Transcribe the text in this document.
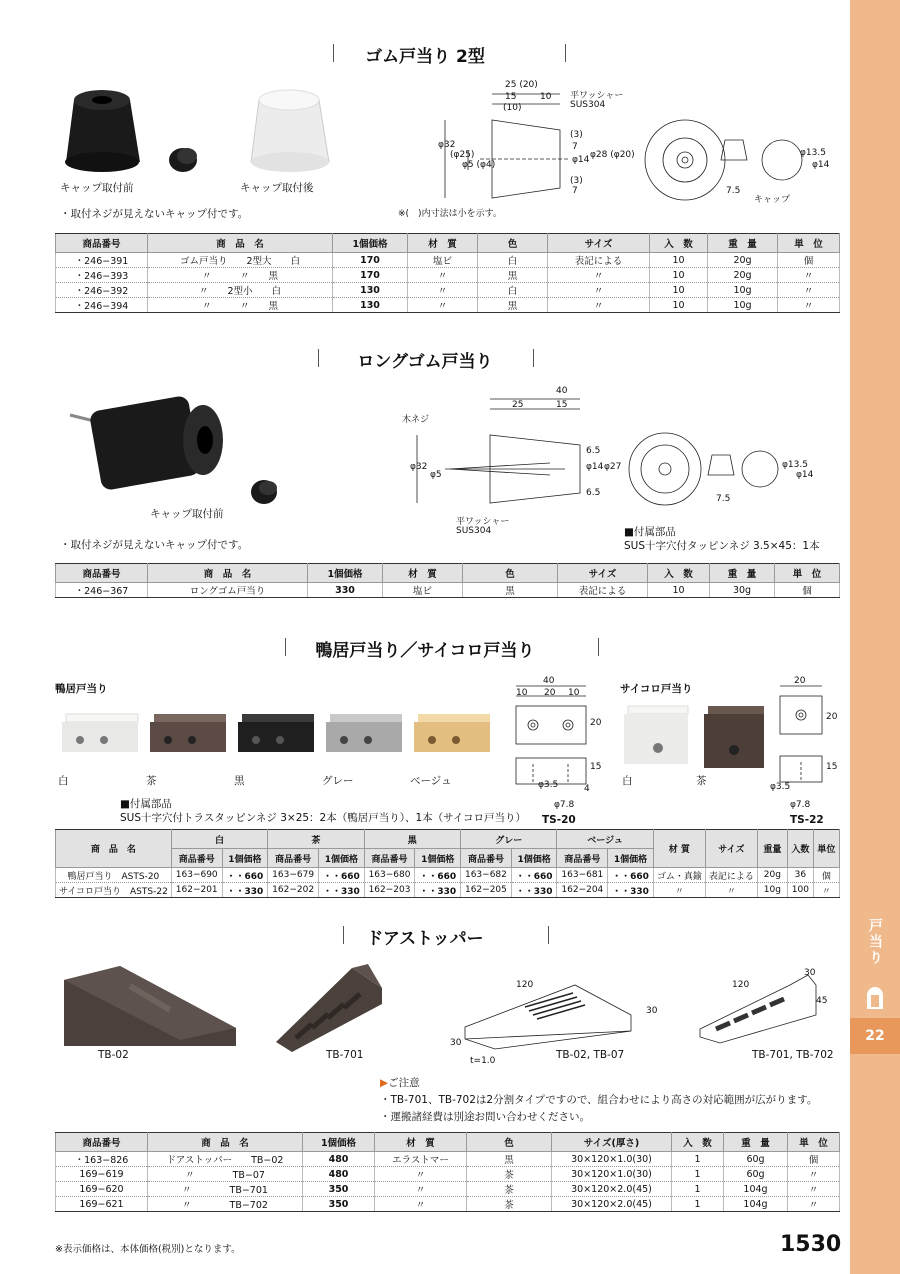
戸当り
22
ゴム戸当り 2型
キャップ取付前	キャップ取付後
・取付ネジが見えないキャップ付です。
25 (20)
15
(10)
10 平ワッシャー
SUS304
φ32
(φ25)
φ5 (φ4)
(3)
7
φ14
(3)
7
φ28 (φ20)
7.5
キャップ
φ13.5
φ14
※(　)内寸法は小を示す。
商品番号	商　品　名	1個価格	材　質	色	サイズ	入　数	重　量	単　位
・246−391	ゴム戸当り　　2型大　　白	170	塩ビ	白	表記による	10	20g	個
・246−393	〃　　　〃　　黒	170	〃	黒	〃	10	20g	〃
・246−392	〃　　2型小　　白	130	〃	白	〃	10	10g	〃
・246−394	〃　　　〃　　黒	130	〃	黒	〃	10	10g	〃
ロングゴム戸当り
キャップ取付前
・取付ネジが見えないキャップ付です。
40
25	15
木ネジ
φ32
φ5
6.5
φ14
6.5
φ27
7.5
φ13.5
φ14
平ワッシャー
SUS304	■付属部品
SUS十字穴付タッピンネジ 3.5×45：1本
商品番号	商　品　名	1個価格	材　質	色	サイズ	入　数	重　量	単　位
・246−367	ロングゴム戸当り	330	塩ビ	黒	表記による	10	30g	個
鴨居戸当り／サイコロ戸当り
鴨居戸当り	サイコロ戸当り
白	茶	黒	グレー	ベージュ
40
10 20 10
20
15
φ3.5	4
φ7.8
TS-20
白	茶
20
20
15
φ3.5
φ7.8
TS-22
■付属部品
SUS十字穴付トラスタッピンネジ 3×25：2本（鴨居戸当り）、1本（サイコロ戸当り）
商　品　名	白		茶		黒		グレー		ベージュ		材 質	サイズ	重量	入数	単位
	商品番号	1個価格	商品番号	1個価格	商品番号	1個価格	商品番号	1個価格	商品番号	1個価格					
鴨居戸当り　ASTS-20	163−690	・・660	163−679	・・660	163−680	・・660	163−682	・・660	163−681	・・660	ゴム・真鍮	表記による	20g	36	個
サイコロ戸当り　ASTS-22	162−201	・・330	162−202	・・330	162−203	・・330	162−205	・・330	162−204	・・330	〃	〃	10g	100	〃
ドアストッパー
TB-02	TB-701
120
30
30
t=1.0	TB-02, TB-07
120
30
45
TB-701, TB-702
▶ご注意
・TB-701、TB-702は2分割タイプですので、組合わせにより高さの対応範囲が広がります。
・運搬諸経費は別途お問い合わせください。
商品番号	商　品　名	1個価格	材　質	色	サイズ(厚さ)	入　数	重　量	単　位
・163−826	ドアストッパー　　TB−02	480	エラストマー	黒	30×120×1.0(30)	1	60g	個
169−619	〃　　　　TB−07	480	〃	茶	30×120×1.0(30)	1	60g	〃
169−620	〃　　　　TB−701	350	〃	茶	30×120×2.0(45)	1	104g	〃
169−621	〃　　　　TB−702	350	〃	茶	30×120×2.0(45)	1	104g	〃
※表示価格は、本体価格(税別)となります。	1530
